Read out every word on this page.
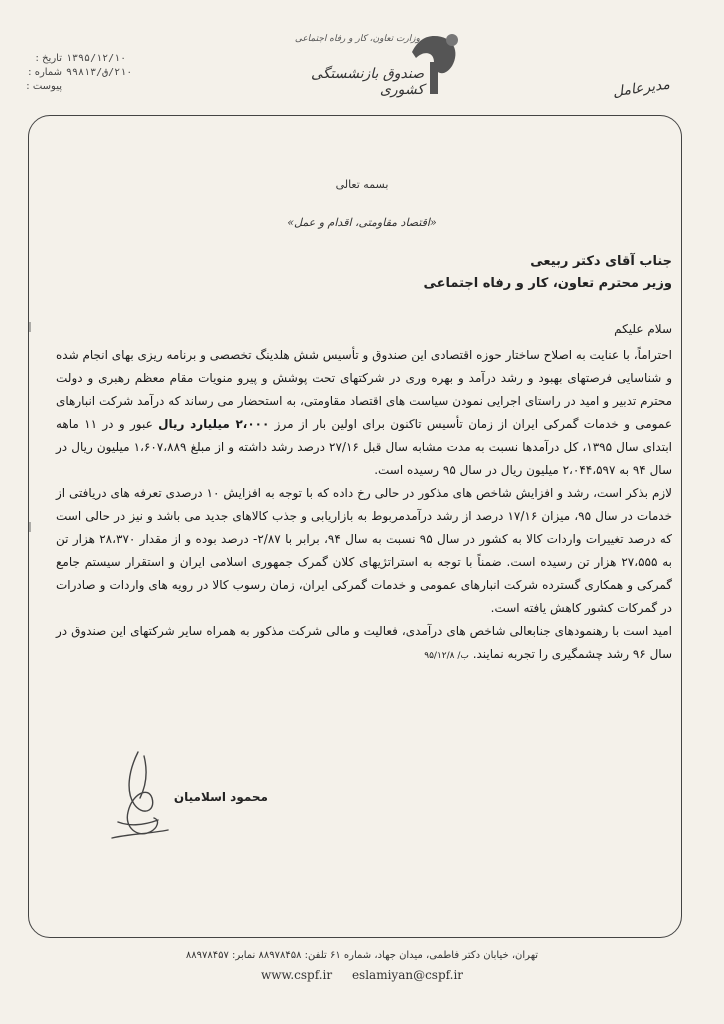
تاریخ : ۱۳۹۵/۱۲/۱۰
شماره : ۲۱۰/ق/۹۹۸۱۳
پیوست :
وزارت تعاون، کار و رفاه اجتماعی
صندوق بازنشستگی کشوری	مدیرعامل
بسمه تعالی
«اقتصاد مقاومتی، اقدام و عمل»
جناب آقای دکتر ربیعی
وزیر محترم تعاون، کار و رفاه اجتماعی
سلام علیکم

احتراماً، با عنایت به اصلاح ساختار حوزه اقتصادی این صندوق و تأسیس شش هلدینگ تخصصی و برنامه ریزی بهای انجام شده و شناسایی فرصتهای بهبود و رشد درآمد و بهره وری در شرکتهای تحت پوشش و پیرو منویات مقام معظم رهبری و دولت محترم تدبیر و امید در راستای اجرایی نمودن سیاست های اقتصاد مقاومتی، به استحضار می رساند که درآمد شرکت انبارهای عمومی و خدمات گمرکی ایران از زمان تأسیس تاکنون برای اولین بار از مرز ۲،۰۰۰ میلیارد ریال عبور و در ۱۱ ماهه ابتدای سال ۱۳۹۵، کل درآمدها نسبت به مدت مشابه سال قبل ۲۷/۱۶ درصد رشد داشته و از مبلغ ۱،۶۰۷،۸۸۹ میلیون ریال در سال ۹۴ به ۲،۰۴۴،۵۹۷ میلیون ریال در سال ۹۵ رسیده است.

لازم بذکر است، رشد و افزایش شاخص های مذکور در حالی رخ داده که با توجه به افزایش ۱۰ درصدی تعرفه های دریافتی از خدمات در سال ۹۵، میزان ۱۷/۱۶ درصد از رشد درآمدمربوط به بازاریابی و جذب کالاهای جدید می باشد و نیز در حالی است که درصد تغییرات واردات کالا به کشور در سال ۹۵ نسبت به سال ۹۴، برابر با ۲/۸۷- درصد بوده و از مقدار ۲۸،۳۷۰ هزار تن به ۲۷،۵۵۵ هزار تن رسیده است. ضمناً با توجه به استراتژیهای کلان گمرک جمهوری اسلامی ایران و استقرار سیستم جامع گمرکی و همکاری گسترده شرکت انبارهای عمومی و خدمات گمرکی ایران، زمان رسوب کالا در رویه های واردات و صادرات در گمرکات کشور کاهش یافته است.

امید است با رهنمودهای جنابعالی شاخص های درآمدی، فعالیت و مالی شرکت مذکور به همراه سایر شرکتهای این صندوق در سال ۹۶ رشد چشمگیری را تجربه نمایند. ب/ ۹۵/۱۲/۸

محمود اسلامیان
تهران، خیابان دکتر فاطمی، میدان جهاد، شماره ۶۱ تلفن: ۸۸۹۷۸۴۵۸ نمابر: ۸۸۹۷۸۴۵۷
www.cspf.ir eslamiyan@cspf.ir
